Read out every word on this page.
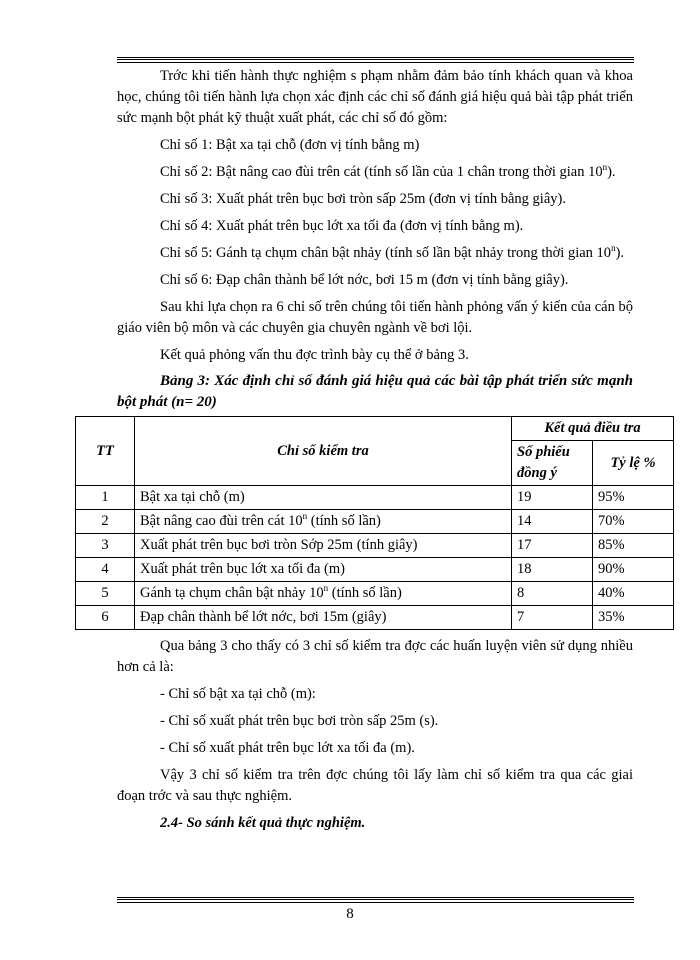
Trớc khi tiến hành thực nghiệm s phạm nhằm đảm bảo tính khách quan và khoa học, chúng tôi tiến hành lựa chọn xác định các chỉ số đánh giá hiệu quả bài tập phát triển sức mạnh bột phát kỹ thuật xuất phát, các chỉ số đó gồm:

Chỉ số 1: Bật xa tại chỗ (đơn vị tính bằng m)

Chỉ số 2: Bật nâng cao đùi trên cát (tính số lần của 1 chân trong thời gian 10$^n$).

Chỉ số 3: Xuất phát trên bục bơi tròn sấp 25m (đơn vị tính bằng giây).

Chỉ số 4: Xuất phát trên bục lớt xa tối đa (đơn vị tính bằng m).

Chỉ số 5: Gánh tạ chụm chân bật nhảy (tính số lần bật nhảy trong thời gian 10$^n$).

Chỉ số 6: Đạp chân thành bể lớt nớc, bơi 15 m (đơn vị tính bằng giây).

Sau khi lựa chọn ra 6 chỉ số trên chúng tôi tiến hành phỏng vấn ý kiến của cán bộ giáo viên bộ môn và các chuyên gia chuyên ngành về bơi lội.

Kết quả phỏng vấn thu đợc trình bày cụ thể ở bảng 3.

Bảng 3: Xác định chỉ số đánh giá hiệu quả các bài tập phát triển sức mạnh bột phát (n= 20)

TT	Chỉ số kiểm tra	Kết quả điều tra	
		Số phiếu đồng ý	Tỷ lệ %
1	Bật xa tại chỗ (m)	19	95%
2	Bật nâng cao đùi trên cát 10$^n$ (tính số lần)	14	70%
3	Xuất phát trên bục bơi tròn Sớp 25m (tính giây)	17	85%
4	Xuất phát trên bục lớt xa tối đa (m)	18	90%
5	Gánh tạ chụm chân bật nhảy 10$^n$ (tính số lần)	8	40%
6	Đạp chân thành bể lớt nớc, bơi 15m (giây)	7	35%

Qua bảng 3 cho thấy có 3 chỉ số kiểm tra đợc các huấn luyện viên sử dụng nhiều hơn cả là:

- Chỉ số bật xa tại chỗ (m):

- Chỉ số xuất phát trên bục bơi tròn sấp 25m (s).

- Chỉ số xuất phát trên bục lớt xa tối đa (m).

Vậy 3 chỉ số kiểm tra trên đợc chúng tôi lấy làm chỉ số kiểm tra qua các giai đoạn trớc và sau thực nghiệm.

2.4- So sánh kết quả thực nghiệm.

8
